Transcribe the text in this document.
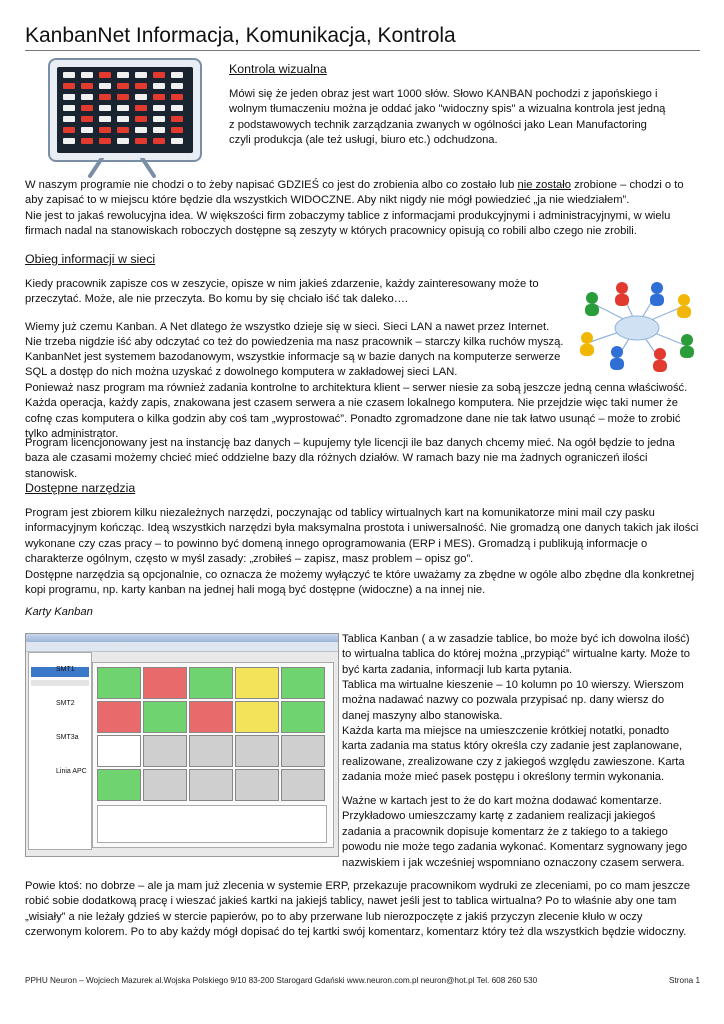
KanbanNet Informacja, Komunikacja, Kontrola
Kontrola wizualna

Mówi się że jeden obraz jest wart 1000 słów. Słowo KANBAN pochodzi z japońskiego i wolnym tłumaczeniu można je oddać jako "widoczny spis" a wizualna kontrola jest jedną z podstawowych technik zarządzania zwanych w ogólności jako Lean Manufactoring czyli produkcja (ale też usługi, biuro etc.) odchudzona.

W naszym programie nie chodzi o to żeby napisać GDZIEŚ co jest do zrobienia albo co zostało lub nie zostało zrobione – chodzi o to aby zapisać to w miejscu które będzie dla wszystkich WIDOCZNE. Aby nikt nigdy nie mógł powiedzieć „ja nie wiedziałem”.

Nie jest to jakaś rewolucyjna idea. W większości firm zobaczymy tablice z informacjami produkcyjnymi i administracyjnymi, w wielu firmach nadal na stanowiskach roboczych dostępne są zeszyty w których pracownicy opisują co robili albo czego nie zrobili.

Obieg informacji w sieci

Kiedy pracownik zapisze cos w zeszycie, opisze w nim jakieś zdarzenie, każdy zainteresowany może to przeczytać. Może, ale nie przeczyta. Bo komu by się chciało iść tak daleko….

Wiemy już czemu Kanban. A Net dlatego że wszystko dzieje się w sieci. Sieci LAN a nawet przez Internet.

Nie trzeba nigdzie iść aby odczytać co też do powiedzenia ma nasz pracownik – starczy kilka ruchów myszą.

KanbanNet jest systemem bazodanowym, wszystkie informacje są w bazie danych na komputerze serwerze SQL a dostęp do nich można uzyskać z dowolnego komputera w zakładowej sieci LAN.

Ponieważ nasz program ma również zadania kontrolne to architektura klient – serwer niesie za sobą jeszcze jedną cenna właściwość. Każda operacja, każdy zapis, znakowana jest czasem serwera a nie czasem lokalnego komputera. Nie przejdzie więc taki numer że cofnę czas komputera o kilka godzin aby coś tam „wyprostować”. Ponadto zgromadzone dane nie tak łatwo usunąć – może to zrobić tylko administrator.

Program licencjonowany jest na instancję baz danych – kupujemy tyle licencji ile baz danych chcemy mieć. Na ogół będzie to jedna baza ale czasami możemy chcieć mieć oddzielne bazy dla różnych działów. W ramach bazy nie ma żadnych ograniczeń ilości stanowisk.

Dostępne narzędzia

Program jest zbiorem kilku niezależnych narzędzi, poczynając od tablicy wirtualnych kart na komunikatorze mini mail czy pasku informacyjnym kończąc. Ideą wszystkich narzędzi była maksymalna prostota i uniwersalność. Nie gromadzą one danych takich jak ilości wykonane czy czas pracy – to powinno być domeną innego oprogramowania (ERP i MES). Gromadzą i publikują informacje o charakterze ogólnym, często w myśl zasady: „zrobiłeś – zapisz, masz problem – opisz go”.

Dostępne narzędzia są opcjonalnie, co oznacza że możemy wyłączyć te które uważamy za zbędne w ogóle albo zbędne dla konkretnej kopi programu, np. karty kanban na jednej hali mogą być dostępne (widoczne) a na innej nie.

Karty Kanban
SMT1
SMT2
SMT3a
Linia APC

Tablica Kanban ( a w zasadzie tablice, bo może być ich dowolna ilość) to wirtualna tablica do której można „przypiąć” wirtualne karty. Może to być karta zadania, informacji lub karta pytania.

Tablica ma wirtualne kieszenie – 10 kolumn po 10 wierszy. Wierszom można nadawać nazwy co pozwala przypisać np. dany wiersz do danej maszyny albo stanowiska.

Każda karta ma miejsce na umieszczenie krótkiej notatki, ponadto karta zadania ma status który określa czy zadanie jest zaplanowane, realizowane, zrealizowane czy z jakiegoś względu zawieszone. Karta zadania może mieć pasek postępu i określony termin wykonania.

Ważne w kartach jest to że do kart można dodawać komentarze. Przykładowo umieszczamy kartę z zadaniem realizacji jakiegoś zadania a pracownik dopisuje komentarz że z takiego to a takiego powodu nie może tego zadania wykonać. Komentarz sygnowany jego nazwiskiem i jak wcześniej wspomniano oznaczony czasem serwera.

Powie ktoś: no dobrze – ale ja mam już zlecenia w systemie ERP, przekazuje pracownikom wydruki ze zleceniami, po co mam jeszcze robić sobie dodatkową pracę i wieszać jakieś kartki na jakiejś tablicy, nawet jeśli jest to tablica wirtualna? Po to właśnie aby one tam „wisiały” a nie leżały gdzieś w stercie papierów, po to aby przerwane lub nierozpoczęte z jakiś przyczyn zlecenie kłuło w oczy czerwonym kolorem. Po to aby każdy mógł dopisać do tej kartki swój komentarz, komentarz który też dla wszystkich będzie widoczny.

PPHU Neuron – Wojciech Mazurek al.Wojska Polskiego 9/10 83-200 Starogard Gdański www.neuron.com.pl neuron@hot.pl Tel. 608 260 530	Strona 1
